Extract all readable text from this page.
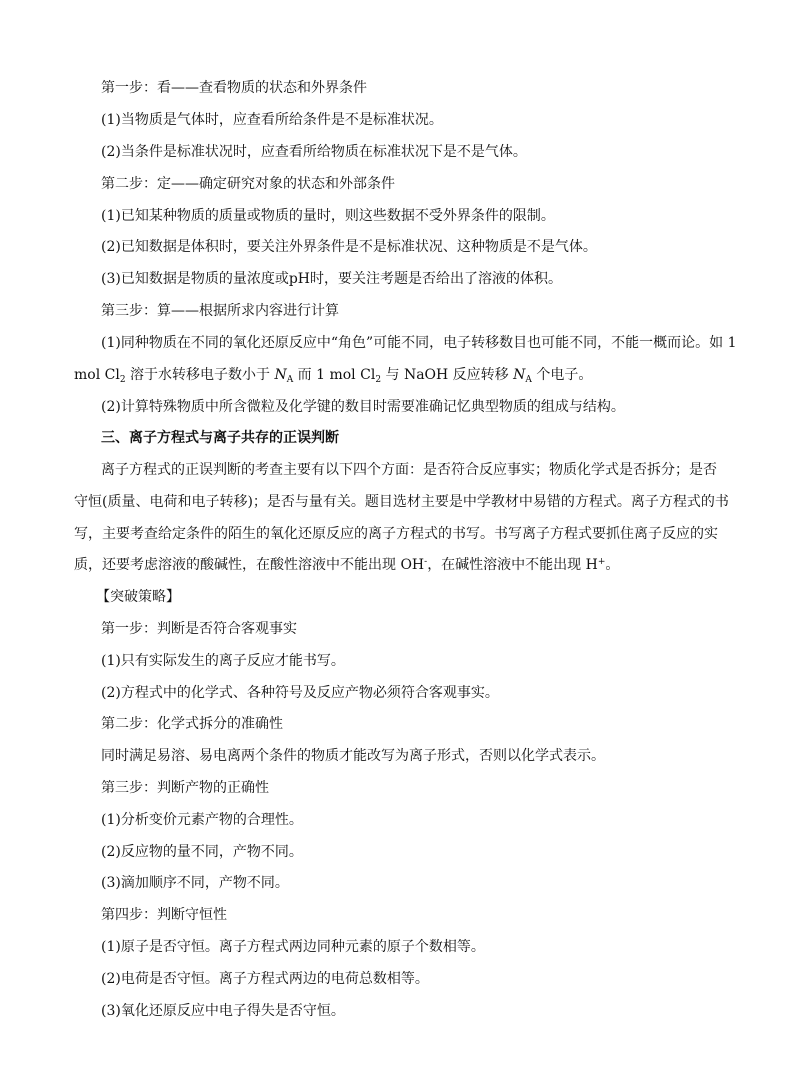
第一步：看——查看物质的状态和外界条件
(1)当物质是气体时，应查看所给条件是不是标准状况。
(2)当条件是标准状况时，应查看所给物质在标准状况下是不是气体。
第二步：定——确定研究对象的状态和外部条件
(1)已知某种物质的质量或物质的量时，则这些数据不受外界条件的限制。
(2)已知数据是体积时，要关注外界条件是不是标准状况、这种物质是不是气体。
(3)已知数据是物质的量浓度或pH时，要关注考题是否给出了溶液的体积。
第三步：算——根据所求内容进行计算
(1)同种物质在不同的氧化还原反应中“角色”可能不同，电子转移数目也可能不同，不能一概而论。如 1
mol $Cl_2$ 溶于水转移电子数小于 $N_A$ 而 1 mol $Cl_2$ 与 NaOH 反应转移 $N_A$ 个电子。
(2)计算特殊物质中所含微粒及化学键的数目时需要准确记忆典型物质的组成与结构。
三、离子方程式与离子共存的正误判断
离子方程式的正误判断的考查主要有以下四个方面：是否符合反应事实；物质化学式是否拆分；是否
守恒(质量、电荷和电子转移)；是否与量有关。题目选材主要是中学教材中易错的方程式。离子方程式的书
写，主要考查给定条件的陌生的氧化还原反应的离子方程式的书写。书写离子方程式要抓住离子反应的实
质，还要考虑溶液的酸碱性，在酸性溶液中不能出现 OH-，在碱性溶液中不能出现 H+。
【突破策略】
第一步：判断是否符合客观事实
(1)只有实际发生的离子反应才能书写。
(2)方程式中的化学式、各种符号及反应产物必须符合客观事实。
第二步：化学式拆分的准确性
同时满足易溶、易电离两个条件的物质才能改写为离子形式，否则以化学式表示。
第三步：判断产物的正确性
(1)分析变价元素产物的合理性。
(2)反应物的量不同，产物不同。
(3)滴加顺序不同，产物不同。
第四步：判断守恒性
(1)原子是否守恒。离子方程式两边同种元素的原子个数相等。
(2)电荷是否守恒。离子方程式两边的电荷总数相等。
(3)氧化还原反应中电子得失是否守恒。
